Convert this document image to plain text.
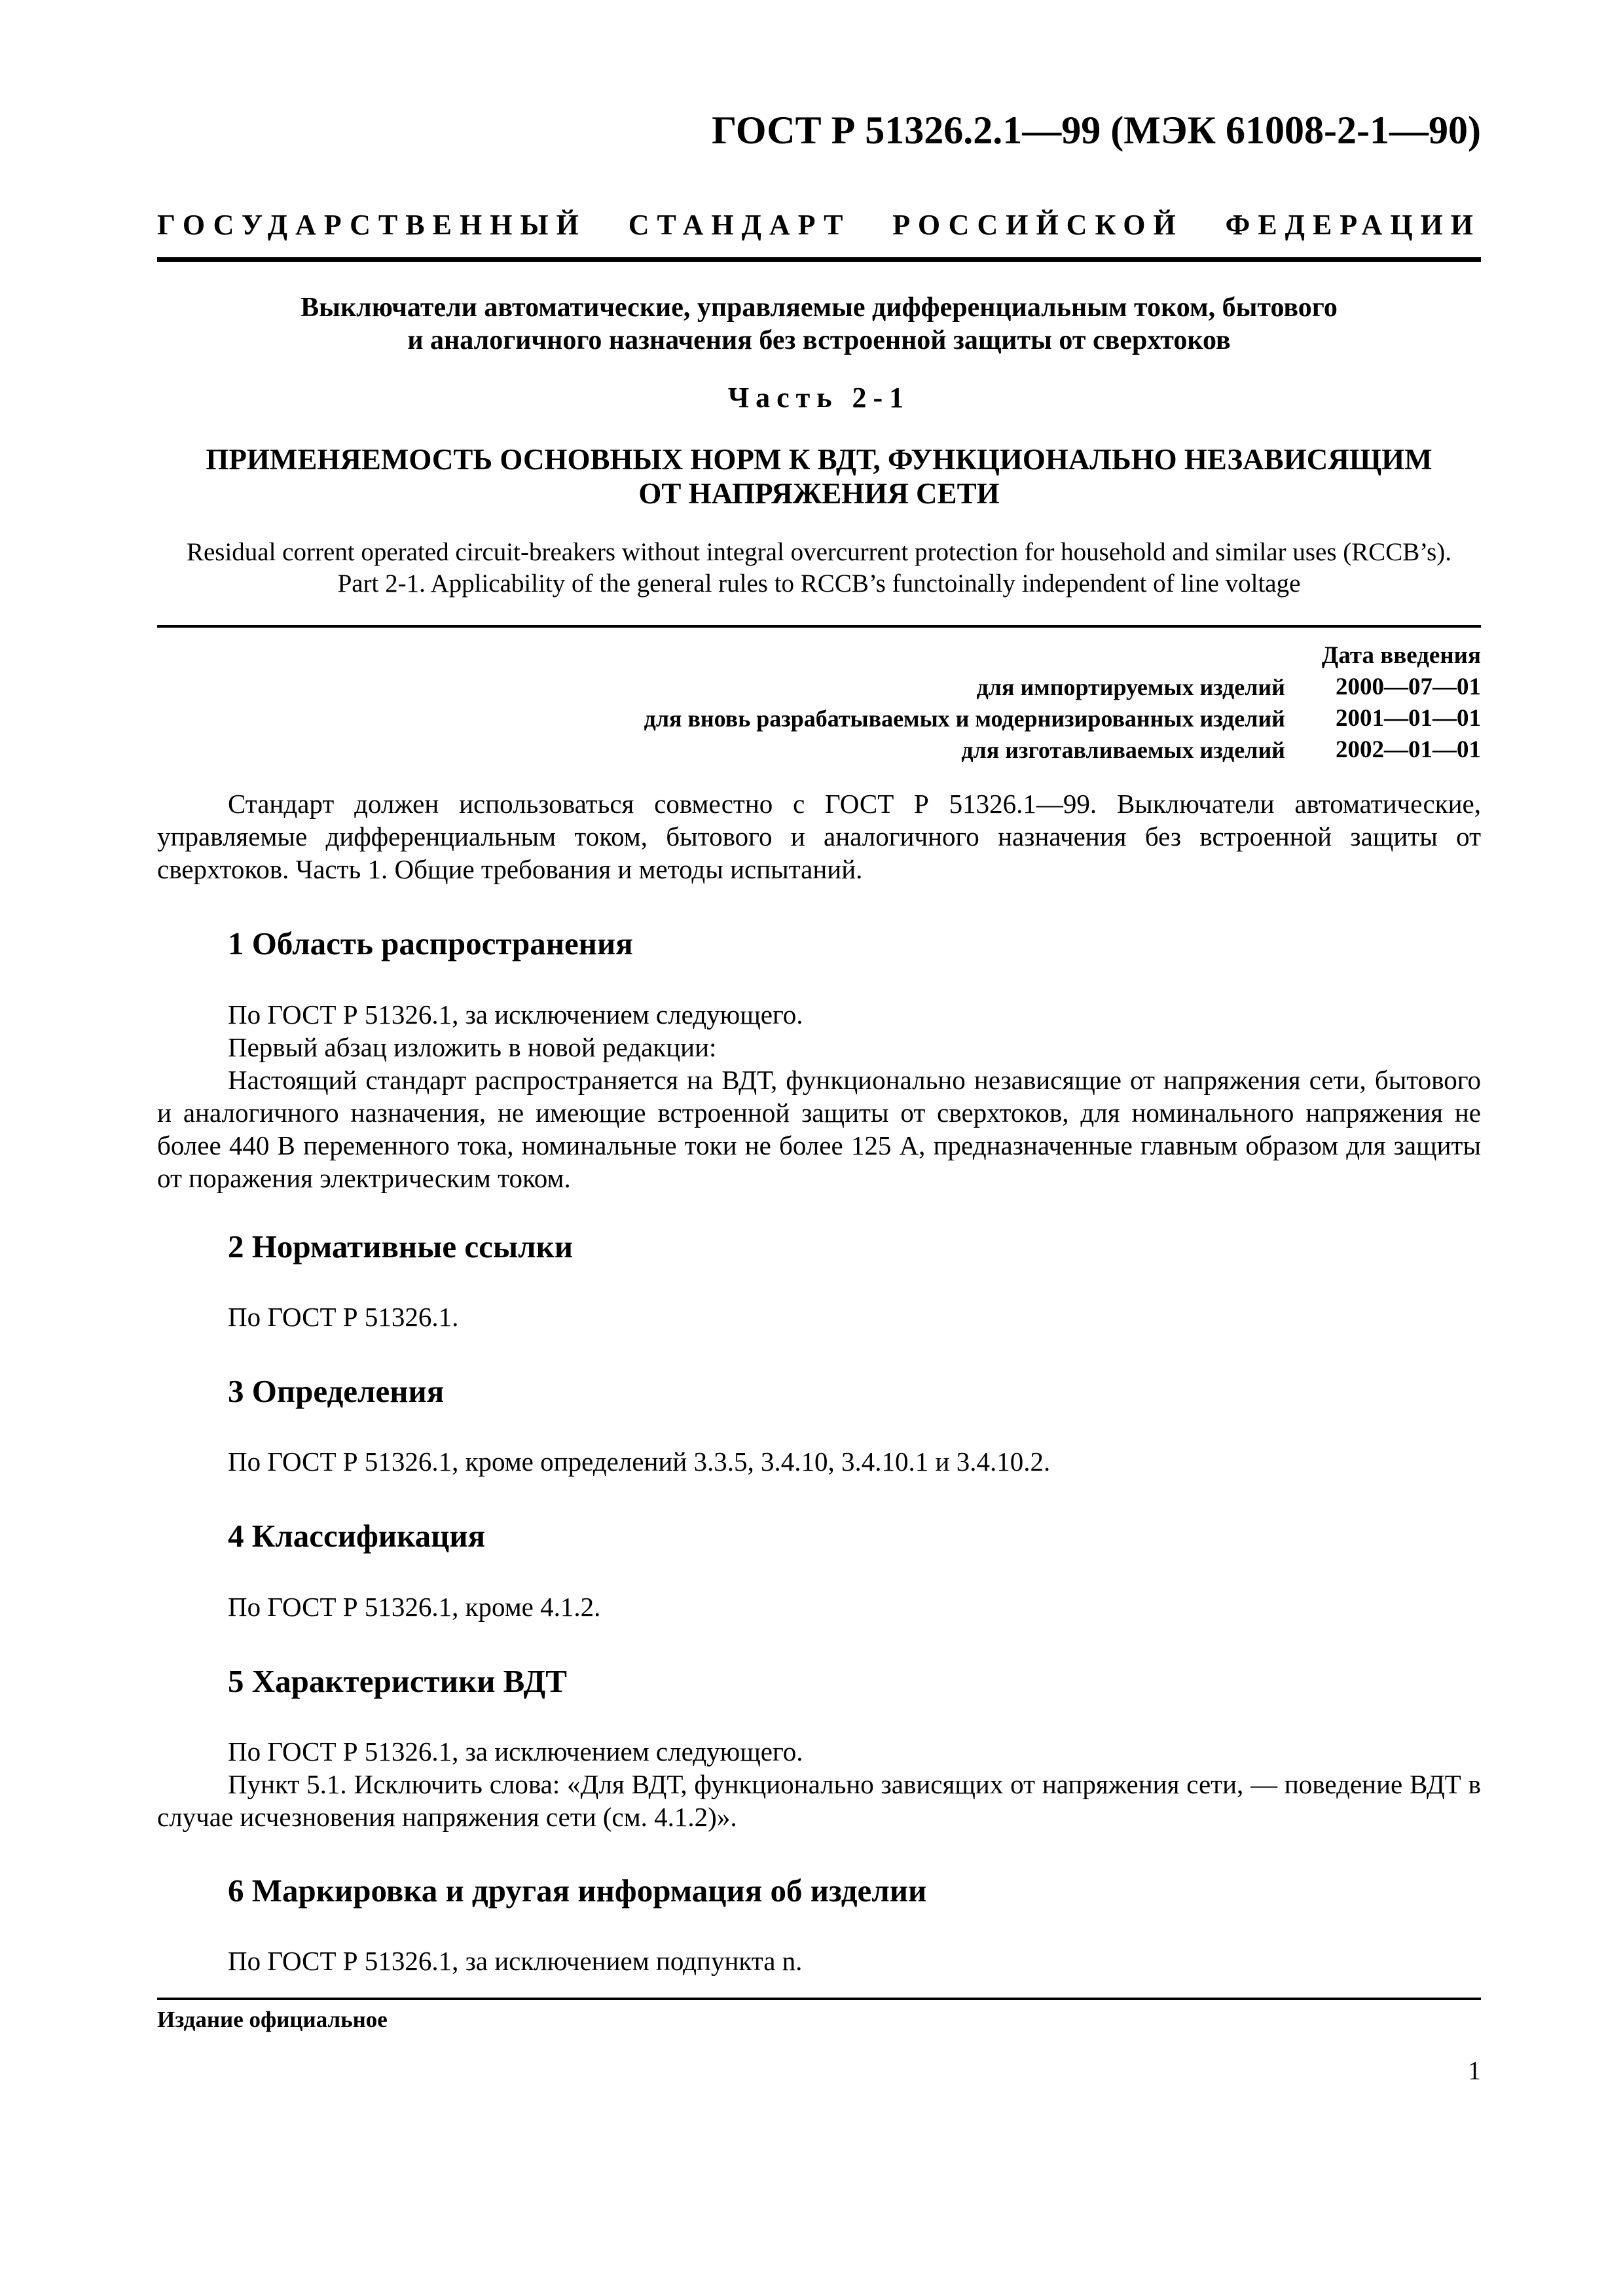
ГОСТ Р 51326.2.1—99 (МЭК 61008-2-1—90)
ГОСУДАРСТВЕННЫЙ СТАНДАРТ РОССИЙСКОЙ ФЕДЕРАЦИИ
Выключатели автоматические, управляемые дифференциальным током, бытового
и аналогичного назначения без встроенной защиты от сверхтоков
Часть 2-1
ПРИМЕНЯЕМОСТЬ ОСНОВНЫХ НОРМ К ВДТ, ФУНКЦИОНАЛЬНО НЕЗАВИСЯЩИМ
ОТ НАПРЯЖЕНИЯ СЕТИ
Residual corrent operated circuit-breakers without integral overcurrent protection for household and similar uses (RCCB’s).
Part 2-1. Applicability of the general rules to RCCB’s functoinally independent of line voltage
	Дата введения
для импортируемых изделий	2000—07—01
для вновь разрабатываемых и модернизированных изделий	2001—01—01
для изготавливаемых изделий	2002—01—01
Стандарт должен использоваться совместно с ГОСТ Р 51326.1—99. Выключатели автоматические, управляемые дифференциальным током, бытового и аналогичного назначения без встроенной защиты от сверхтоков. Часть 1. Общие требования и методы испытаний.
1 Область распространения
По ГОСТ Р 51326.1, за исключением следующего.
Первый абзац изложить в новой редакции:
Настоящий стандарт распространяется на ВДТ, функционально независящие от напряжения сети, бытового и аналогичного назначения, не имеющие встроенной защиты от сверхтоков, для номинального напряжения не более 440 В переменного тока, номинальные токи не более 125 А, предназначенные главным образом для защиты от поражения электрическим током.
2 Нормативные ссылки
По ГОСТ Р 51326.1.
3 Определения
По ГОСТ Р 51326.1, кроме определений 3.3.5, 3.4.10, 3.4.10.1 и 3.4.10.2.
4 Классификация
По ГОСТ Р 51326.1, кроме 4.1.2.
5 Характеристики ВДТ
По ГОСТ Р 51326.1, за исключением следующего.
Пункт 5.1. Исключить слова: «Для ВДТ, функционально зависящих от напряжения сети, — поведение ВДТ в случае исчезновения напряжения сети (см. 4.1.2)».
6 Маркировка и другая информация об изделии
По ГОСТ Р 51326.1, за исключением подпункта n.
Издание официальное
1
